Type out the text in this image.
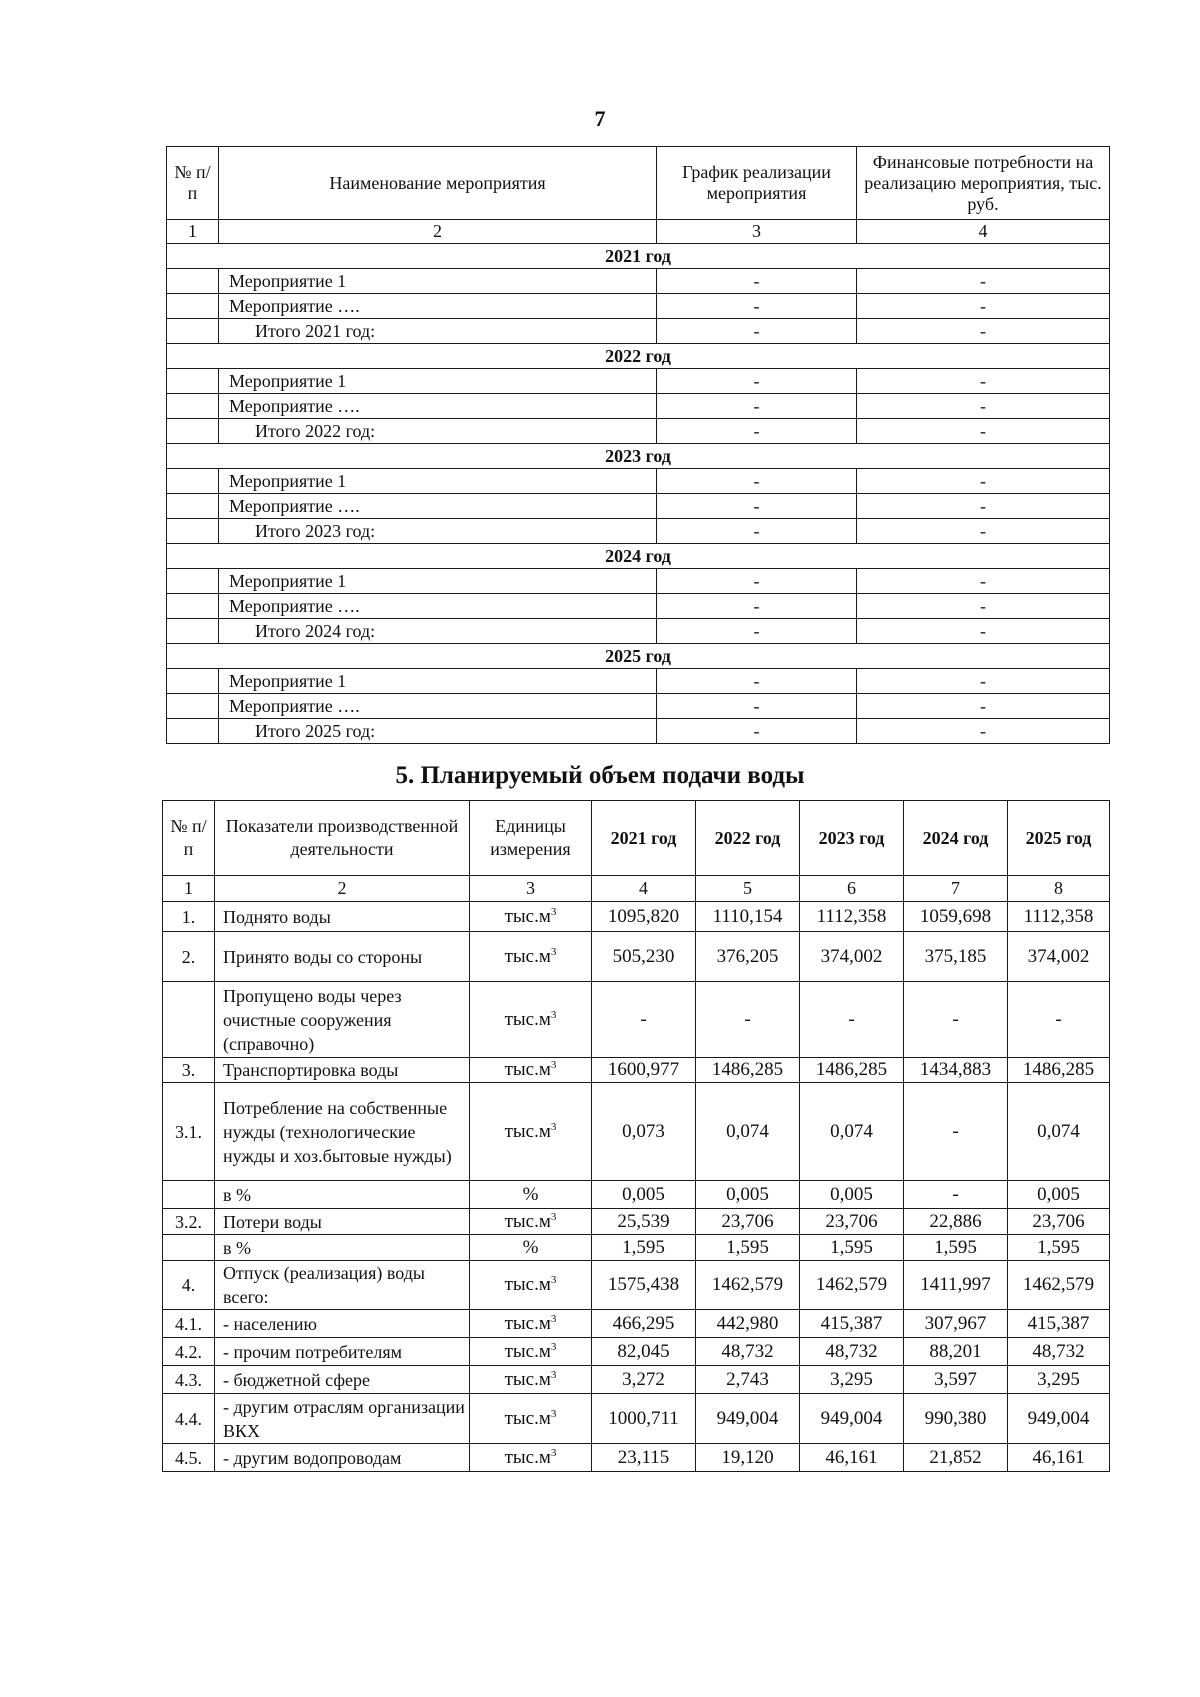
7
№ п/п	Наименование мероприятия	График реализации мероприятия	Финансовые потребности на реализацию мероприятия, тыс. руб.
1	2	3	4
2021 год			
	Мероприятие 1	-	-
	Мероприятие ….	-	-
	Итого 2021 год:	-	-
2022 год			
	Мероприятие 1	-	-
	Мероприятие ….	-	-
	Итого 2022 год:	-	-
2023 год			
	Мероприятие 1	-	-
	Мероприятие ….	-	-
	Итого 2023 год:	-	-
2024 год			
	Мероприятие 1	-	-
	Мероприятие ….	-	-
	Итого 2024 год:	-	-
2025 год			
	Мероприятие 1	-	-
	Мероприятие ….	-	-
	Итого 2025 год:	-	-
5. Планируемый объем подачи воды
№ п/п	Показатели производственной деятельности	Единицы измерения	2021 год	2022 год	2023 год	2024 год	2025 год
1	2	3	4	5	6	7	8
1.	Поднято воды	$тыс.м^3$	1095,820	1110,154	1112,358	1059,698	1112,358
2.	Принято воды со стороны	$тыс.м^3$	505,230	376,205	374,002	375,185	374,002
	Пропущено воды через очистные сооружения (справочно)	$тыс.м^3$	-	-	-	-	-
3.	Транспортировка воды	$тыс.м^3$	1600,977	1486,285	1486,285	1434,883	1486,285
3.1.	Потребление на собственные нужды (технологические нужды и хоз.бытовые нужды)	$тыс.м^3$	0,073	0,074	0,074	-	0,074
	в %	%	0,005	0,005	0,005	-	0,005
3.2.	Потери воды	$тыс.м^3$	25,539	23,706	23,706	22,886	23,706
	в %	%	1,595	1,595	1,595	1,595	1,595
4.	Отпуск (реализация) воды всего:	$тыс.м^3$	1575,438	1462,579	1462,579	1411,997	1462,579
4.1.	- населению	$тыс.м^3$	466,295	442,980	415,387	307,967	415,387
4.2.	- прочим потребителям	$тыс.м^3$	82,045	48,732	48,732	88,201	48,732
4.3.	- бюджетной сфере	$тыс.м^3$	3,272	2,743	3,295	3,597	3,295
4.4.	- другим отраслям организации ВКХ	$тыс.м^3$	1000,711	949,004	949,004	990,380	949,004
4.5.	- другим водопроводам	$тыс.м^3$	23,115	19,120	46,161	21,852	46,161
